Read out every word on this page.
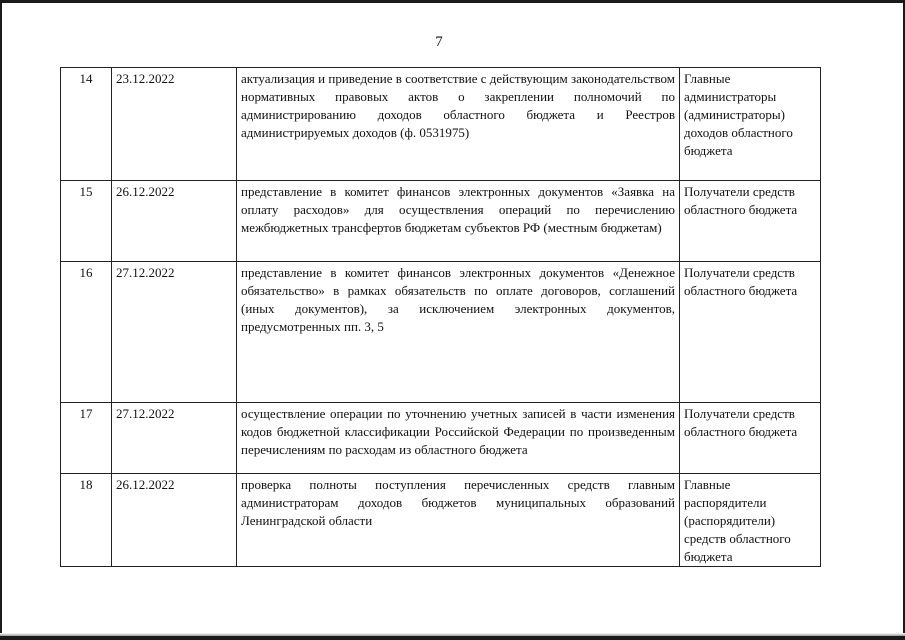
7
14	23.12.2022	актуализация и приведение в соответствие с действующим законодательством нормативных правовых актов о закреплении полномочий по администрированию доходов областного бюджета и Реестров администрируемых доходов (ф. 0531975)	Главные администраторы (администраторы) доходов областного бюджета
15	26.12.2022	представление в комитет финансов электронных документов «Заявка на оплату расходов» для осуществления операций по перечислению межбюджетных трансфертов бюджетам субъектов РФ (местным бюджетам)	Получатели средств областного бюджета
16	27.12.2022	представление в комитет финансов электронных документов «Денежное обязательство» в рамках обязательств по оплате договоров, соглашений (иных документов), за исключением электронных документов, предусмотренных пп. 3, 5	Получатели средств областного бюджета
17	27.12.2022	осуществление операции по уточнению учетных записей в части изменения кодов бюджетной классификации Российской Федерации по произведенным перечислениям по расходам из областного бюджета	Получатели средств областного бюджета
18	26.12.2022	проверка полноты поступления перечисленных средств главным администраторам доходов бюджетов муниципальных образований Ленинградской области	Главные распорядители (распорядители) средств областного бюджета
